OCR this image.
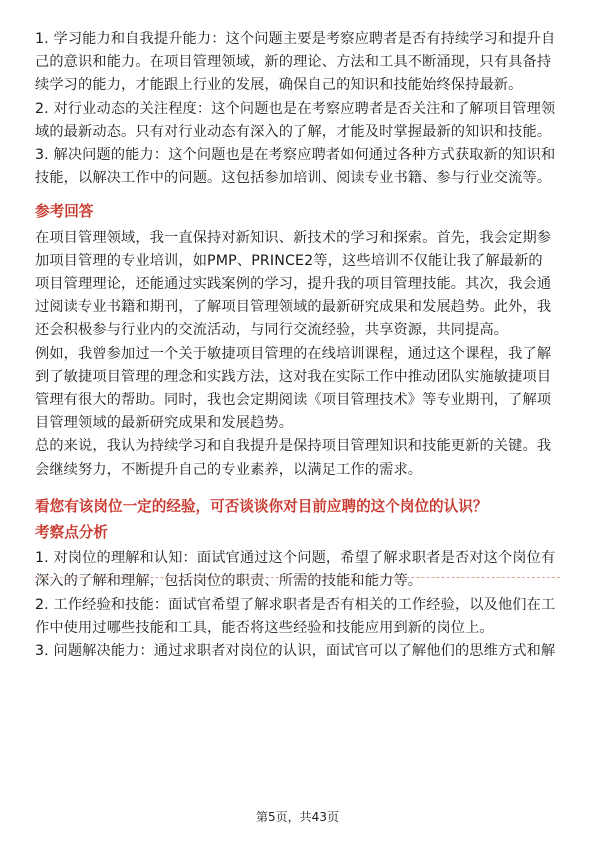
1. 学习能力和自我提升能力：这个问题主要是考察应聘者是否有持续学习和提升自

己的意识和能力。在项目管理领域，新的理论、方法和工具不断涌现，只有具备持

续学习的能力，才能跟上行业的发展，确保自己的知识和技能始终保持最新。

2. 对行业动态的关注程度：这个问题也是在考察应聘者是否关注和了解项目管理领

域的最新动态。只有对行业动态有深入的了解，才能及时掌握最新的知识和技能。

3. 解决问题的能力：这个问题也是在考察应聘者如何通过各种方式获取新的知识和

技能，以解决工作中的问题。这包括参加培训、阅读专业书籍、参与行业交流等。

参考回答

在项目管理领域，我一直保持对新知识、新技术的学习和探索。首先，我会定期参

加项目管理的专业培训，如PMP、PRINCE2等，这些培训不仅能让我了解最新的

项目管理理论，还能通过实践案例的学习，提升我的项目管理技能。其次，我会通

过阅读专业书籍和期刊，了解项目管理领域的最新研究成果和发展趋势。此外，我

还会积极参与行业内的交流活动，与同行交流经验，共享资源，共同提高。

例如，我曾参加过一个关于敏捷项目管理的在线培训课程，通过这个课程，我了解

到了敏捷项目管理的理念和实践方法，这对我在实际工作中推动团队实施敏捷项目

管理有很大的帮助。同时，我也会定期阅读《项目管理技术》等专业期刊，了解项

目管理领域的最新研究成果和发展趋势。

总的来说，我认为持续学习和自我提升是保持项目管理知识和技能更新的关键。我

会继续努力，不断提升自己的专业素养，以满足工作的需求。

看您有该岗位一定的经验，可否谈谈你对目前应聘的这个岗位的认识？
考察点分析

1. 对岗位的理解和认知：面试官通过这个问题，希望了解求职者是否对这个岗位有

深入的了解和理解，包括岗位的职责、所需的技能和能力等。

2. 工作经验和技能：面试官希望了解求职者是否有相关的工作经验，以及他们在工

作中使用过哪些技能和工具，能否将这些经验和技能应用到新的岗位上。

3. 问题解决能力：通过求职者对岗位的认识，面试官可以了解他们的思维方式和解

第5页，共43页
